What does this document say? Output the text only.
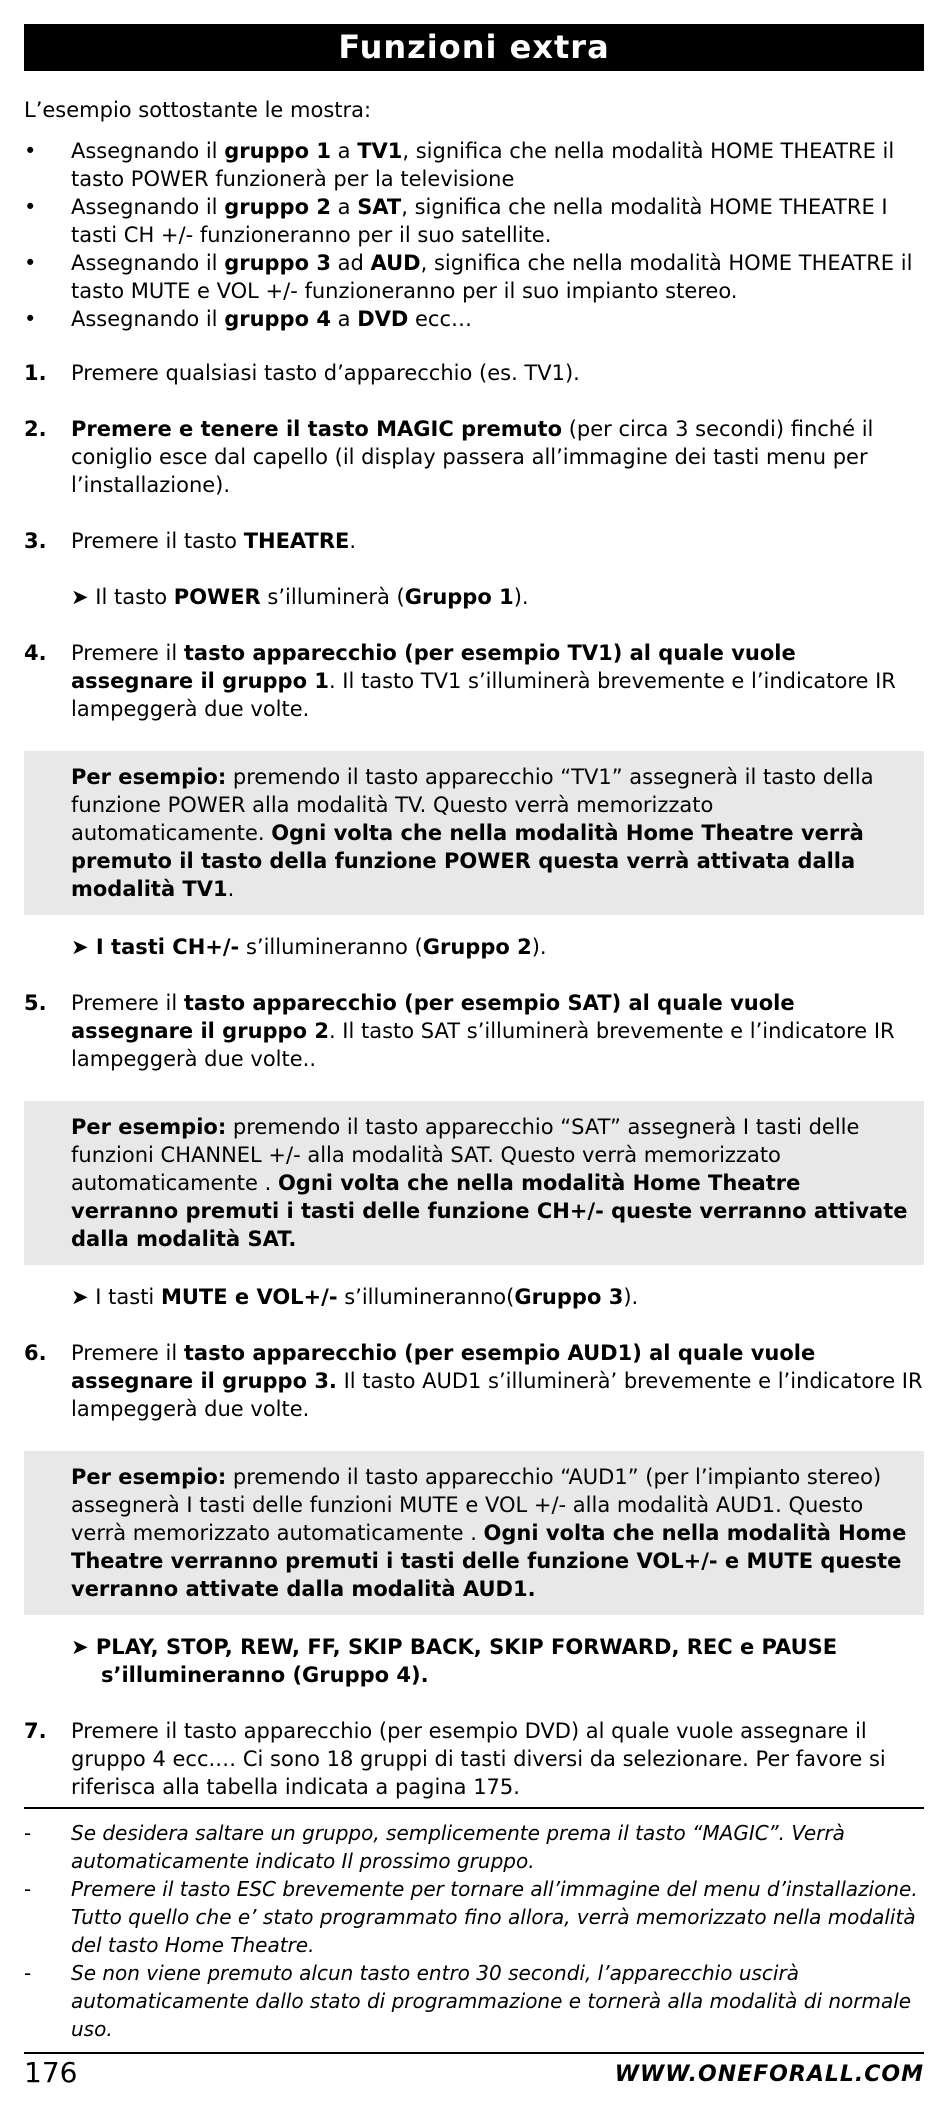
Funzioni extra

L’esempio sottostante le mostra:

• Assegnando il gruppo 1 a TV1, significa che nella modalità HOME THEATRE il tasto POWER funzionerà per la televisione
• Assegnando il gruppo 2 a SAT, significa che nella modalità HOME THEATRE I tasti CH +/- funzioneranno per il suo satellite.
• Assegnando il gruppo 3 ad AUD, significa che nella modalità HOME THEATRE il tasto MUTE e VOL +/- funzioneranno per il suo impianto stereo.
• Assegnando il gruppo 4 a DVD ecc…
1. Premere qualsiasi tasto d’apparecchio (es. TV1).
2. Premere e tenere il tasto MAGIC premuto (per circa 3 secondi) finché il coniglio esce dal capello (il display passera all’immagine dei tasti menu per l’installazione).
3. Premere il tasto THEATRE.
➤ Il tasto POWER s’illuminerà (Gruppo 1).
4. Premere il tasto apparecchio (per esempio TV1) al quale vuole assegnare il gruppo 1. Il tasto TV1 s’illuminerà brevemente e l’indicatore IR lampeggerà due volte.
Per esempio: premendo il tasto apparecchio “TV1” assegnerà il tasto della funzione POWER alla modalità TV. Questo verrà memorizzato automaticamente. Ogni volta che nella modalità Home Theatre verrà premuto il tasto della funzione POWER questa verrà attivata dalla modalità TV1.
➤ I tasti CH+/- s’illumineranno (Gruppo 2).
5. Premere il tasto apparecchio (per esempio SAT) al quale vuole assegnare il gruppo 2. Il tasto SAT s’illuminerà brevemente e l’indicatore IR lampeggerà due volte..
Per esempio: premendo il tasto apparecchio “SAT” assegnerà I tasti delle funzioni CHANNEL +/- alla modalità SAT. Questo verrà memorizzato automaticamente . Ogni volta che nella modalità Home Theatre verranno premuti i tasti delle funzione CH+/- queste verranno attivate dalla modalità SAT.
➤ I tasti MUTE e VOL+/- s’illumineranno(Gruppo 3).
6. Premere il tasto apparecchio (per esempio AUD1) al quale vuole assegnare il gruppo 3. Il tasto AUD1 s’illuminerà’ brevemente e l’indicatore IR lampeggerà due volte.
Per esempio: premendo il tasto apparecchio “AUD1” (per l’impianto stereo) assegnerà I tasti delle funzioni MUTE e VOL +/- alla modalità AUD1. Questo verrà memorizzato automaticamente . Ogni volta che nella modalità Home Theatre verranno premuti i tasti delle funzione VOL+/- e MUTE queste verranno attivate dalla modalità AUD1.
➤ PLAY, STOP, REW, FF, SKIP BACK, SKIP FORWARD, REC e PAUSE s’illumineranno (Gruppo 4).
7. Premere il tasto apparecchio (per esempio DVD) al quale vuole assegnare il gruppo 4 ecc.… Ci sono 18 gruppi di tasti diversi da selezionare. Per favore si riferisca alla tabella indicata a pagina 175.
- Se desidera saltare un gruppo, semplicemente prema il tasto “MAGIC”. Verrà automaticamente indicato Il prossimo gruppo.
- Premere il tasto ESC brevemente per tornare all’immagine del menu d’installazione. Tutto quello che e’ stato programmato fino allora, verrà memorizzato nella modalità del tasto Home Theatre.
- Se non viene premuto alcun tasto entro 30 secondi, l’apparecchio uscirà automaticamente dallo stato di programmazione e tornerà alla modalità di normale uso.
176	WWW.ONEFORALL.COM
